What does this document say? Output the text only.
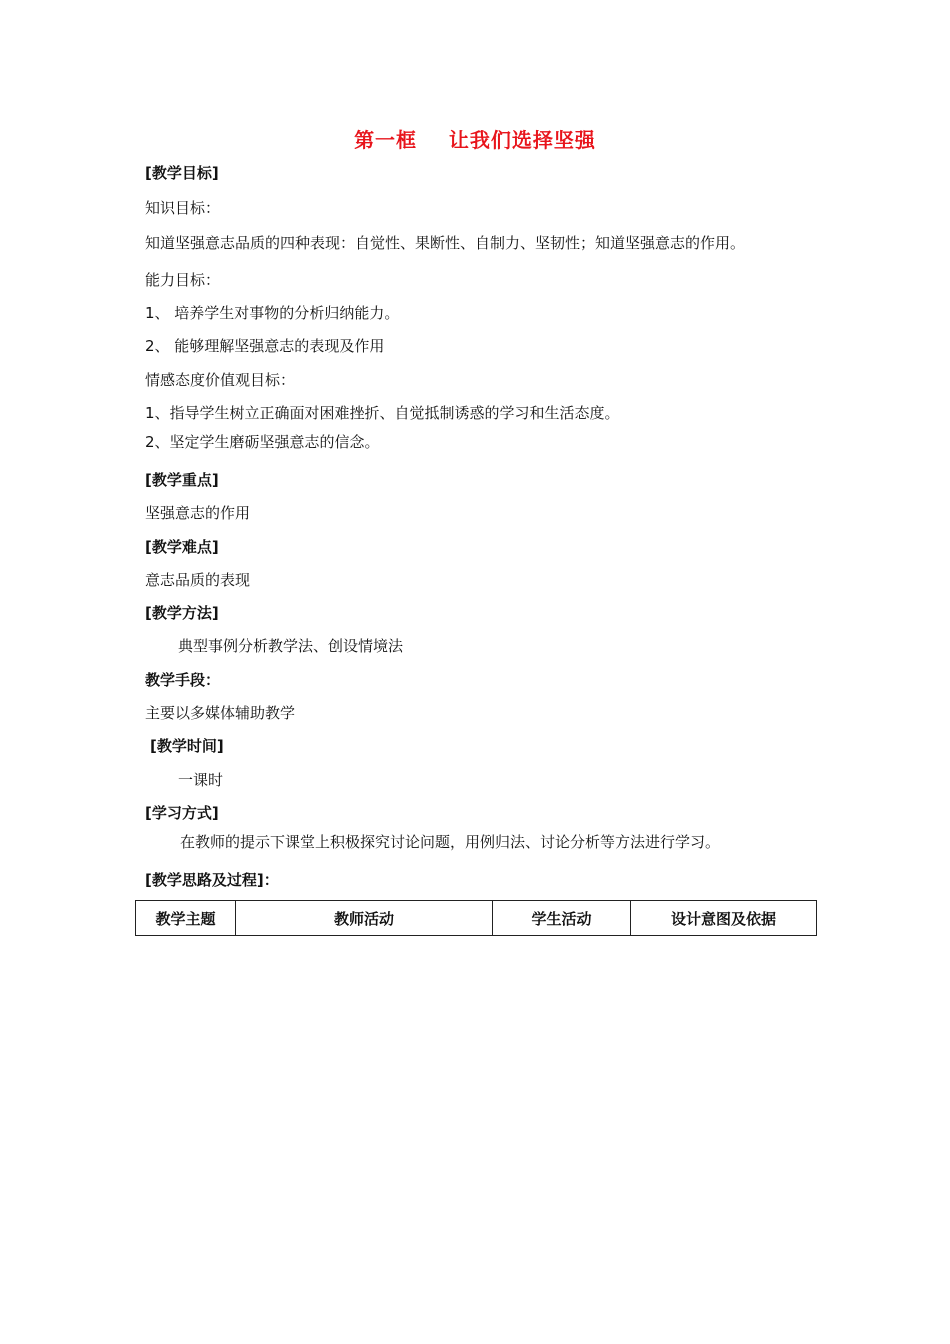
第一框    让我们选择坚强
[教学目标]
知识目标：
知道坚强意志品质的四种表现：自觉性、果断性、自制力、坚韧性；知道坚强意志的作用。
能力目标：
1、 培养学生对事物的分析归纳能力。
2、 能够理解坚强意志的表现及作用
情感态度价值观目标：
1、指导学生树立正确面对困难挫折、自觉抵制诱惑的学习和生活态度。
2、坚定学生磨砺坚强意志的信念。
[教学重点]
坚强意志的作用
[教学难点]
意志品质的表现
[教学方法]
典型事例分析教学法、创设情境法
教学手段：
主要以多媒体辅助教学
[教学时间]
一课时
[学习方式]
在教师的提示下课堂上积极探究讨论问题，用例归法、讨论分析等方法进行学习。
[教学思路及过程]：
教学主题	教师活动	学生活动	设计意图及依据
